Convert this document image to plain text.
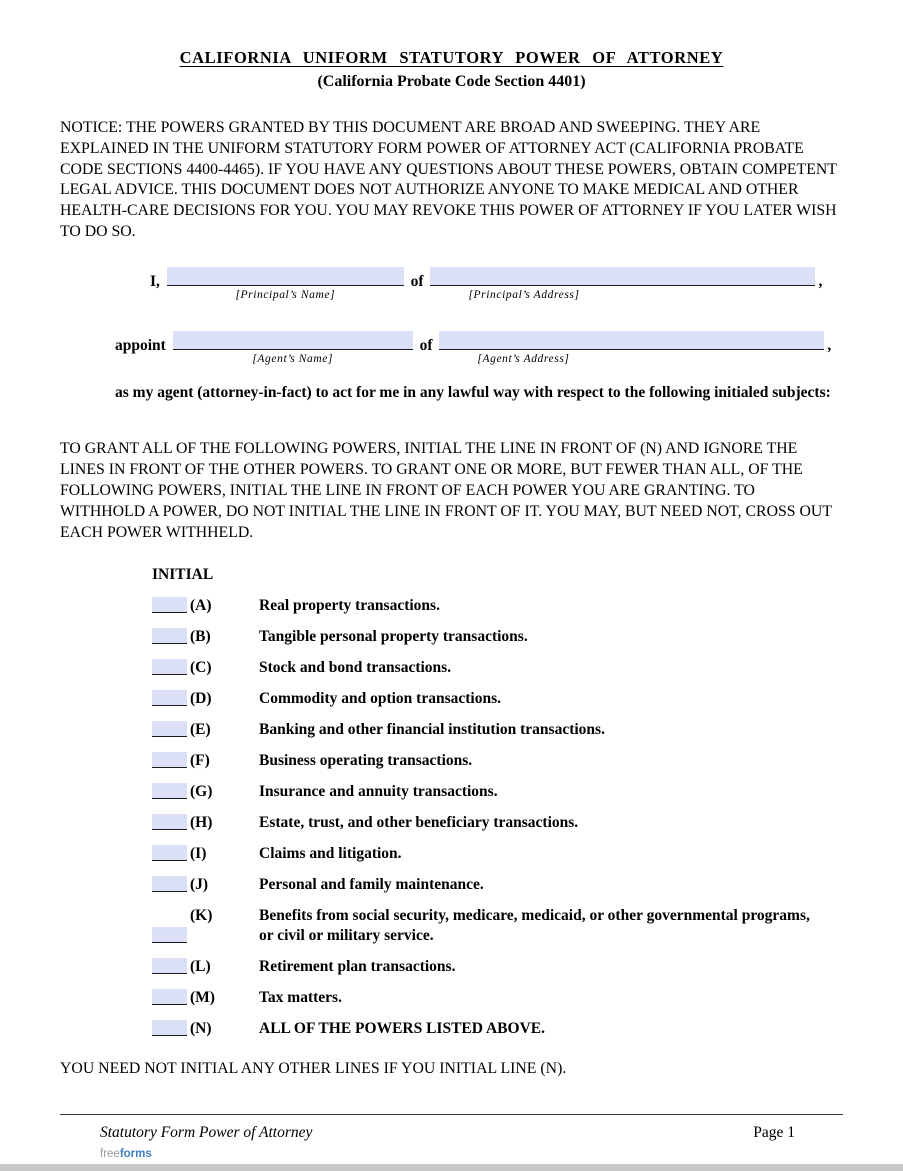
CALIFORNIA UNIFORM STATUTORY POWER OF ATTORNEY
(California Probate Code Section 4401)

NOTICE: THE POWERS GRANTED BY THIS DOCUMENT ARE BROAD AND SWEEPING. THEY ARE EXPLAINED IN THE UNIFORM STATUTORY FORM POWER OF ATTORNEY ACT (CALIFORNIA PROBATE CODE SECTIONS 4400-4465). IF YOU HAVE ANY QUESTIONS ABOUT THESE POWERS, OBTAIN COMPETENT LEGAL ADVICE. THIS DOCUMENT DOES NOT AUTHORIZE ANYONE TO MAKE MEDICAL AND OTHER HEALTH-CARE DECISIONS FOR YOU. YOU MAY REVOKE THIS POWER OF ATTORNEY IF YOU LATER WISH TO DO SO.

I,
[Principal’s Name]
of
[Principal’s Address]
,
appoint
[Agent’s Name]
of
[Agent’s Address]
,

as my agent (attorney-in-fact) to act for me in any lawful way with respect to the following initialed subjects:

TO GRANT ALL OF THE FOLLOWING POWERS, INITIAL THE LINE IN FRONT OF (N) AND IGNORE THE LINES IN FRONT OF THE OTHER POWERS. TO GRANT ONE OR MORE, BUT FEWER THAN ALL, OF THE FOLLOWING POWERS, INITIAL THE LINE IN FRONT OF EACH POWER YOU ARE GRANTING. TO WITHHOLD A POWER, DO NOT INITIAL THE LINE IN FRONT OF IT. YOU MAY, BUT NEED NOT, CROSS OUT EACH POWER WITHHELD.

INITIAL
(A)	Real property transactions.
(B)	Tangible personal property transactions.
(C)	Stock and bond transactions.
(D)	Commodity and option transactions.
(E)	Banking and other financial institution transactions.
(F)	Business operating transactions.
(G)	Insurance and annuity transactions.
(H)	Estate, trust, and other beneficiary transactions.
(I)	Claims and litigation.
(J)	Personal and family maintenance.
(K)	Benefits from social security, medicare, medicaid, or other governmental programs, or civil or military service.
(L)	Retirement plan transactions.
(M)	Tax matters.
(N)	ALL OF THE POWERS LISTED ABOVE.

YOU NEED NOT INITIAL ANY OTHER LINES IF YOU INITIAL LINE (N).

Statutory Form Power of Attorney	Page 1
freeforms
